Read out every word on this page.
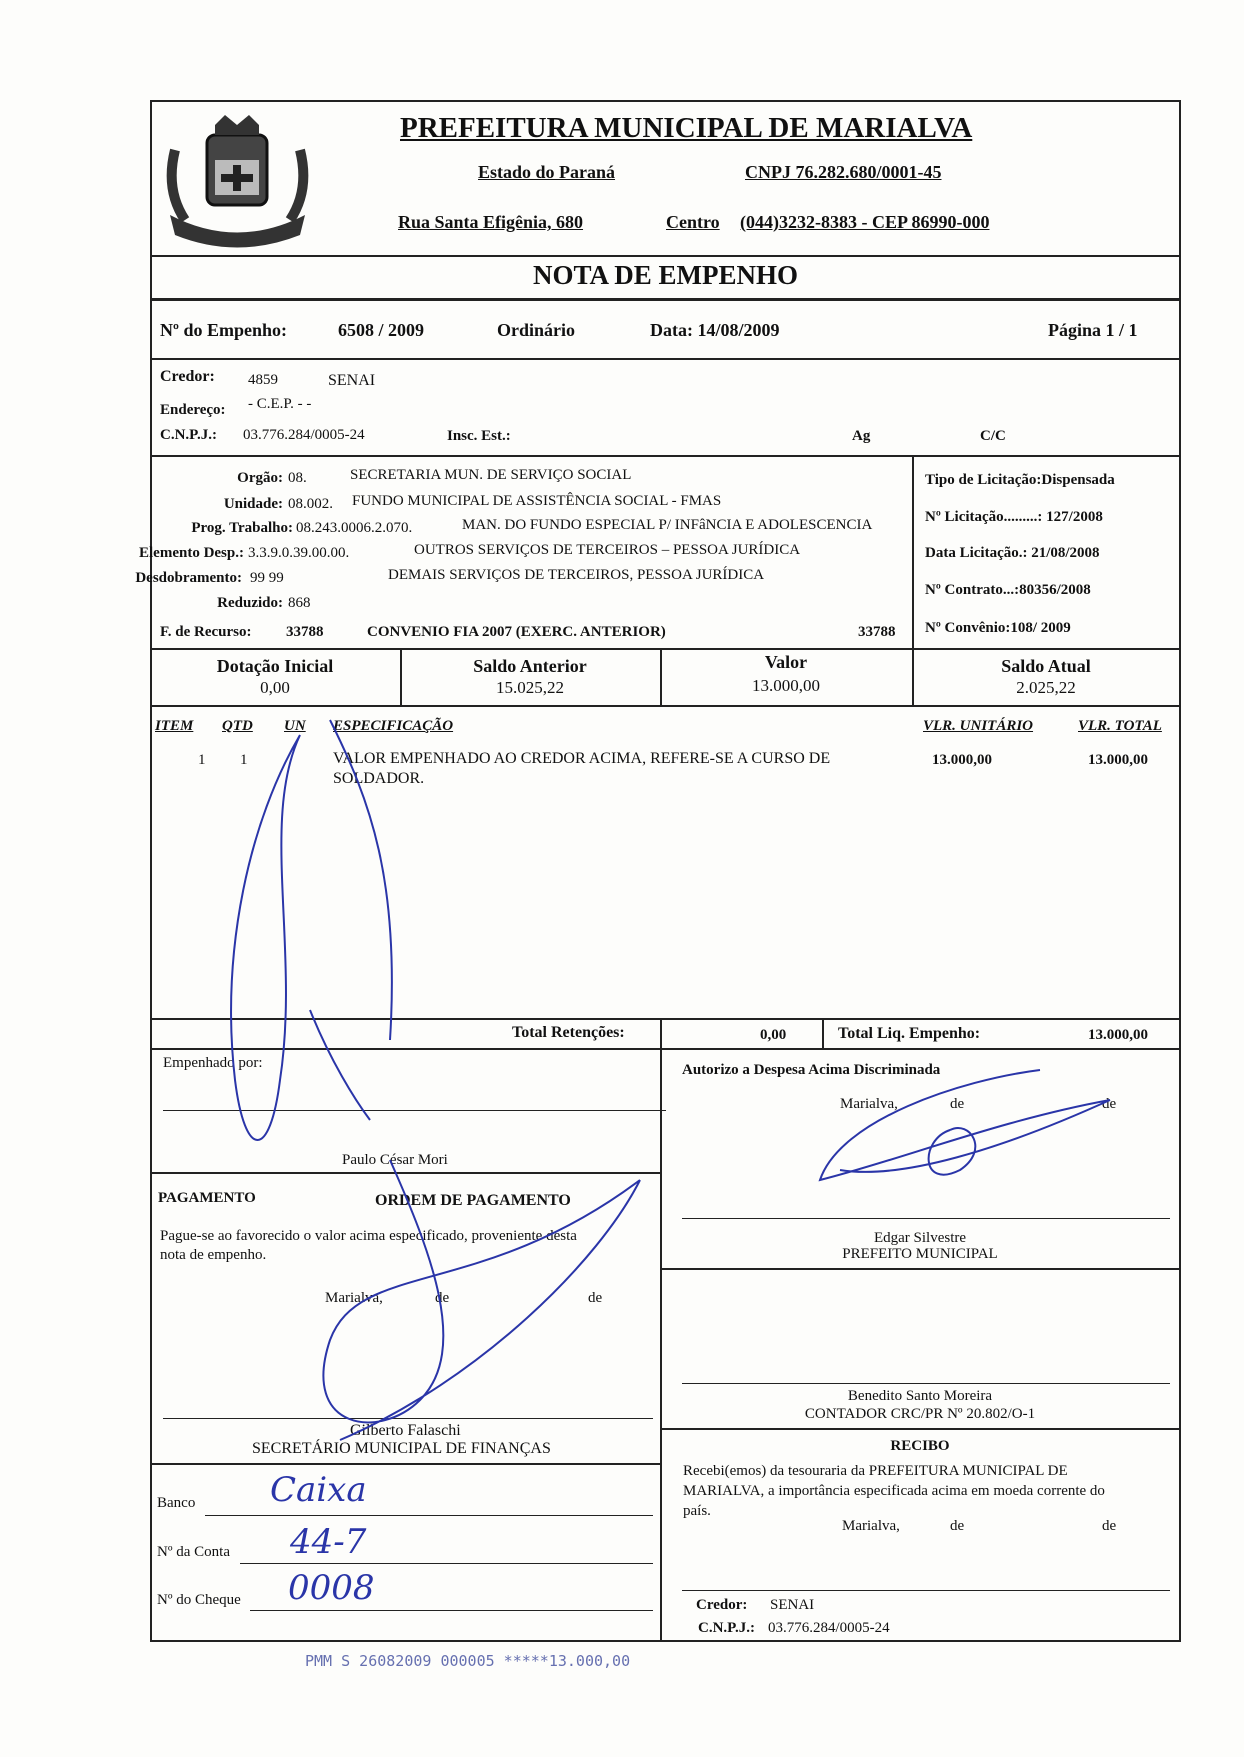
PREFEITURA MUNICIPAL DE MARIALVA
Estado do Paraná	CNPJ 76.282.680/0001-45
Rua Santa Efigênia, 680	Centro (044)3232-8383 - CEP 86990-000
NOTA DE EMPENHO
Nº do Empenho:	6508 / 2009	Ordinário	Data: 14/08/2009	Página 1 / 1
Credor: 4859	SENAI
Endereço: - C.E.P. - -
C.N.P.J.: 03.776.284/0005-24	Insc. Est.:	Ag	C/C
Orgão: 08.	SECRETARIA MUN. DE SERVIÇO SOCIAL
Unidade: 08.002. FUNDO MUNICIPAL DE ASSISTÊNCIA SOCIAL - FMAS
Prog. Trabalho: 08.243.0006.2.070.	MAN. DO FUNDO ESPECIAL P/ INFâNCIA E ADOLESCENCIA
Elemento Desp.: 3.3.9.0.39.00.00.	OUTROS SERVIÇOS DE TERCEIROS – PESSOA JURÍDICA
Desdobramento: 99 99	DEMAIS SERVIÇOS DE TERCEIROS, PESSOA JURÍDICA
Reduzido: 868
F. de Recurso: 33788	CONVENIO FIA 2007 (EXERC. ANTERIOR)	33788
Tipo de Licitação:Dispensada
Nº Licitação.........: 127/2008
Data Licitação.: 21/08/2008
Nº Contrato...:80356/2008
Nº Convênio:108/ 2009
Dotação Inicial
0,00
Saldo Anterior
15.025,22
Valor
13.000,00
Saldo Atual
2.025,22
ITEM QTD UN ESPECIFICAÇÃO	VLR. UNITÁRIO	VLR. TOTAL
1 1	VALOR EMPENHADO AO CREDOR ACIMA, REFERE-SE A CURSO DE
SOLDADOR.
13.000,00	13.000,00
Total Retenções:	0,00	Total Liq. Empenho:	13.000,00
Empenhado por:
Paulo César Mori
PAGAMENTO	ORDEM DE PAGAMENTO
Pague-se ao favorecido o valor acima especificado, proveniente desta
nota de empenho.
Marialva,	de	de
Gilberto Falaschi
SECRETÁRIO MUNICIPAL DE FINANÇAS
Banco Caixa
Nº da Conta 44-7
Nº do Cheque 0008
Autorizo a Despesa Acima Discriminada
Marialva,	de	de
Edgar Silvestre
PREFEITO MUNICIPAL
Benedito Santo Moreira
CONTADOR CRC/PR Nº 20.802/O-1
RECIBO
Recebi(emos) da tesouraria da PREFEITURA MUNICIPAL DE
MARIALVA, a importância especificada acima em moeda corrente do
país.
Marialva,	de	de
Credor: SENAI
C.N.P.J.: 03.776.284/0005-24
PMM S 26082009 000005 *****13.000,00
